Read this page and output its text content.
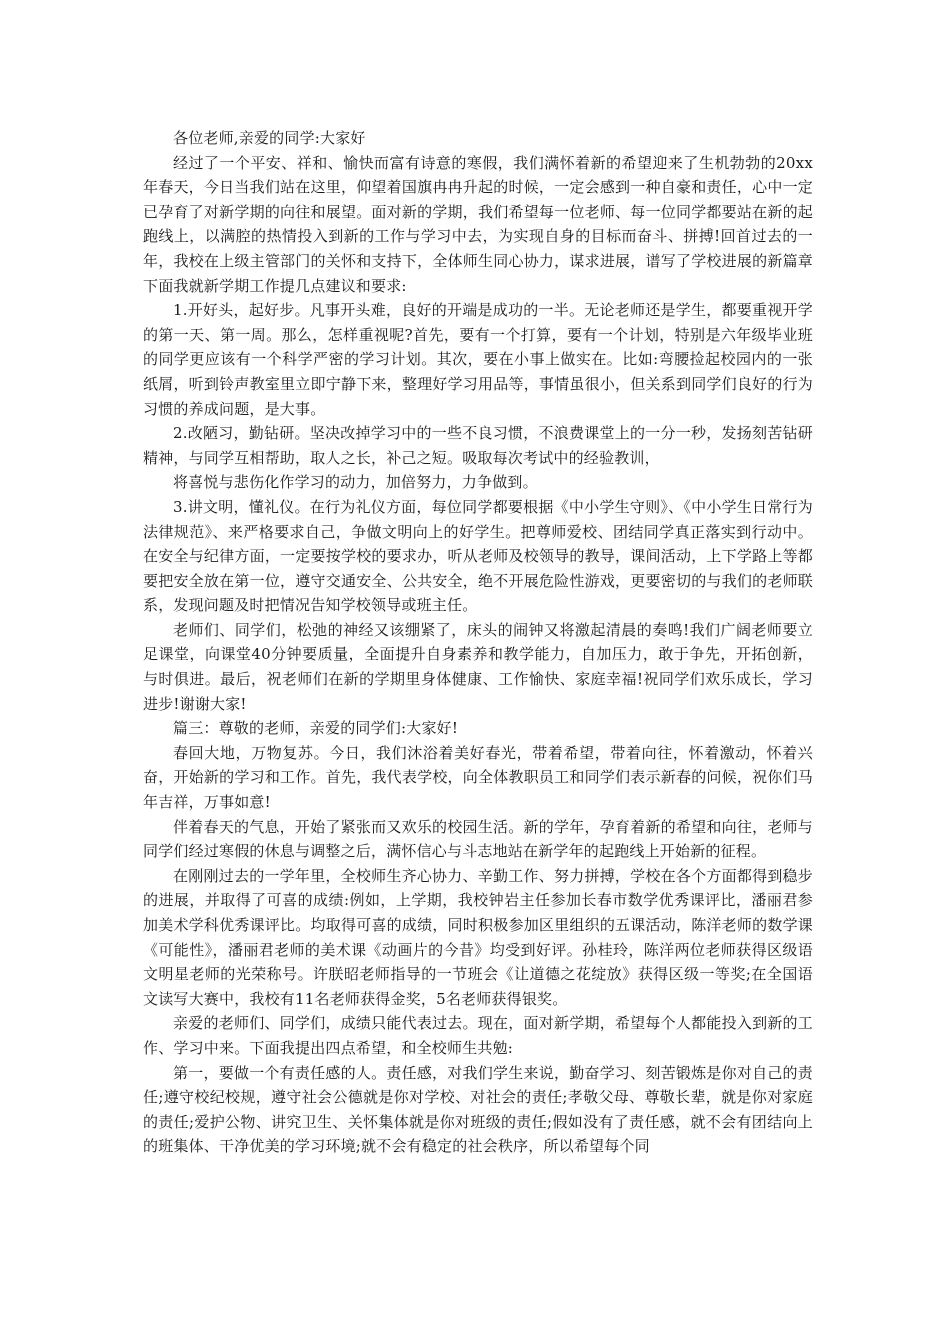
各位老师,亲爱的同学:大家好

经过了一个平安、祥和、愉快而富有诗意的寒假，我们满怀着新的希望迎来了生机勃勃的20xx年春天，今日当我们站在这里，仰望着国旗冉冉升起的时候，一定会感到一种自豪和责任，心中一定已孕育了对新学期的向往和展望。面对新的学期，我们希望每一位老师、每一位同学都要站在新的起跑线上，以满腔的热情投入到新的工作与学习中去，为实现自身的目标而奋斗、拼搏!回首过去的一年，我校在上级主管部门的关怀和支持下，全体师生同心协力，谋求进展，谱写了学校进展的新篇章下面我就新学期工作提几点建议和要求:

1.开好头，起好步。凡事开头难，良好的开端是成功的一半。无论老师还是学生，都要重视开学的第一天、第一周。那么，怎样重视呢?首先，要有一个打算，要有一个计划，特别是六年级毕业班的同学更应该有一个科学严密的学习计划。其次，要在小事上做实在。比如:弯腰捡起校园内的一张纸屑，听到铃声教室里立即宁静下来，整理好学习用品等，事情虽很小，但关系到同学们良好的行为习惯的养成问题，是大事。

2.改陋习，勤钻研。坚决改掉学习中的一些不良习惯，不浪费课堂上的一分一秒，发扬刻苦钻研精神，与同学互相帮助，取人之长，补己之短。吸取每次考试中的经验教训，

将喜悦与悲伤化作学习的动力，加倍努力，力争做到。

3.讲文明，懂礼仪。在行为礼仪方面，每位同学都要根据《中小学生守则》、《中小学生日常行为法律规范》、来严格要求自己，争做文明向上的好学生。把尊师爱校、团结同学真正落实到行动中。在安全与纪律方面，一定要按学校的要求办，听从老师及校领导的教导，课间活动，上下学路上等都要把安全放在第一位，遵守交通安全、公共安全，绝不开展危险性游戏，更要密切的与我们的老师联系，发现问题及时把情况告知学校领导或班主任。

老师们、同学们，松弛的神经又该绷紧了，床头的闹钟又将激起清晨的奏鸣!我们广阔老师要立足课堂，向课堂40分钟要质量，全面提升自身素养和教学能力，自加压力，敢于争先，开拓创新，与时俱进。最后，祝老师们在新的学期里身体健康、工作愉快、家庭幸福!祝同学们欢乐成长，学习进步!谢谢大家!

篇三：尊敬的老师，亲爱的同学们:大家好!

春回大地，万物复苏。今日，我们沐浴着美好春光，带着希望，带着向往，怀着激动，怀着兴奋，开始新的学习和工作。首先，我代表学校，向全体教职员工和同学们表示新春的问候，祝你们马年吉祥，万事如意!

伴着春天的气息，开始了紧张而又欢乐的校园生活。新的学年，孕育着新的希望和向往，老师与同学们经过寒假的休息与调整之后，满怀信心与斗志地站在新学年的起跑线上开始新的征程。

在刚刚过去的一学年里，全校师生齐心协力、辛勤工作、努力拼搏，学校在各个方面都得到稳步的进展，并取得了可喜的成绩:例如，上学期，我校钟岩主任参加长春市数学优秀课评比，潘丽君参加美术学科优秀课评比。均取得可喜的成绩，同时积极参加区里组织的五课活动，陈洋老师的数学课《可能性》，潘丽君老师的美术课《动画片的今昔》均受到好评。孙桂玲，陈洋两位老师获得区级语文明星老师的光荣称号。许朕昭老师指导的一节班会《让道德之花绽放》获得区级一等奖;在全国语文读写大赛中，我校有11名老师获得金奖，5名老师获得银奖。

亲爱的老师们、同学们，成绩只能代表过去。现在，面对新学期，希望每个人都能投入到新的工作、学习中来。下面我提出四点希望，和全校师生共勉:

第一，要做一个有责任感的人。责任感，对我们学生来说，勤奋学习、刻苦锻炼是你对自己的责任;遵守校纪校规，遵守社会公德就是你对学校、对社会的责任;孝敬父母、尊敬长辈，就是你对家庭的责任;爱护公物、讲究卫生、关怀集体就是你对班级的责任;假如没有了责任感，就不会有团结向上的班集体、干净优美的学习环境;就不会有稳定的社会秩序，所以希望每个同
